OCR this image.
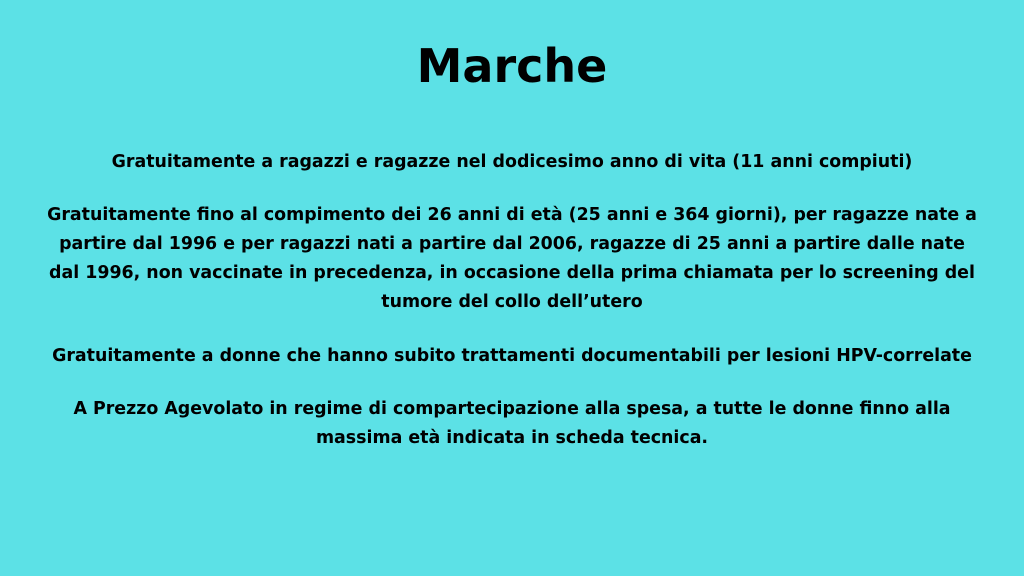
Marche

Gratuitamente a ragazzi e ragazze nel dodicesimo anno di vita (11 anni compiuti)

Gratuitamente fino al compimento dei 26 anni di età (25 anni e 364 giorni), per ragazze nate a
partire dal 1996 e per ragazzi nati a partire dal 2006, ragazze di 25 anni a partire dalle nate
dal 1996, non vaccinate in precedenza, in occasione della prima chiamata per lo screening del
tumore del collo dell’utero

Gratuitamente a donne che hanno subito trattamenti documentabili per lesioni HPV-correlate

A Prezzo Agevolato in regime di compartecipazione alla spesa, a tutte le donne finno alla
massima età indicata in scheda tecnica.
